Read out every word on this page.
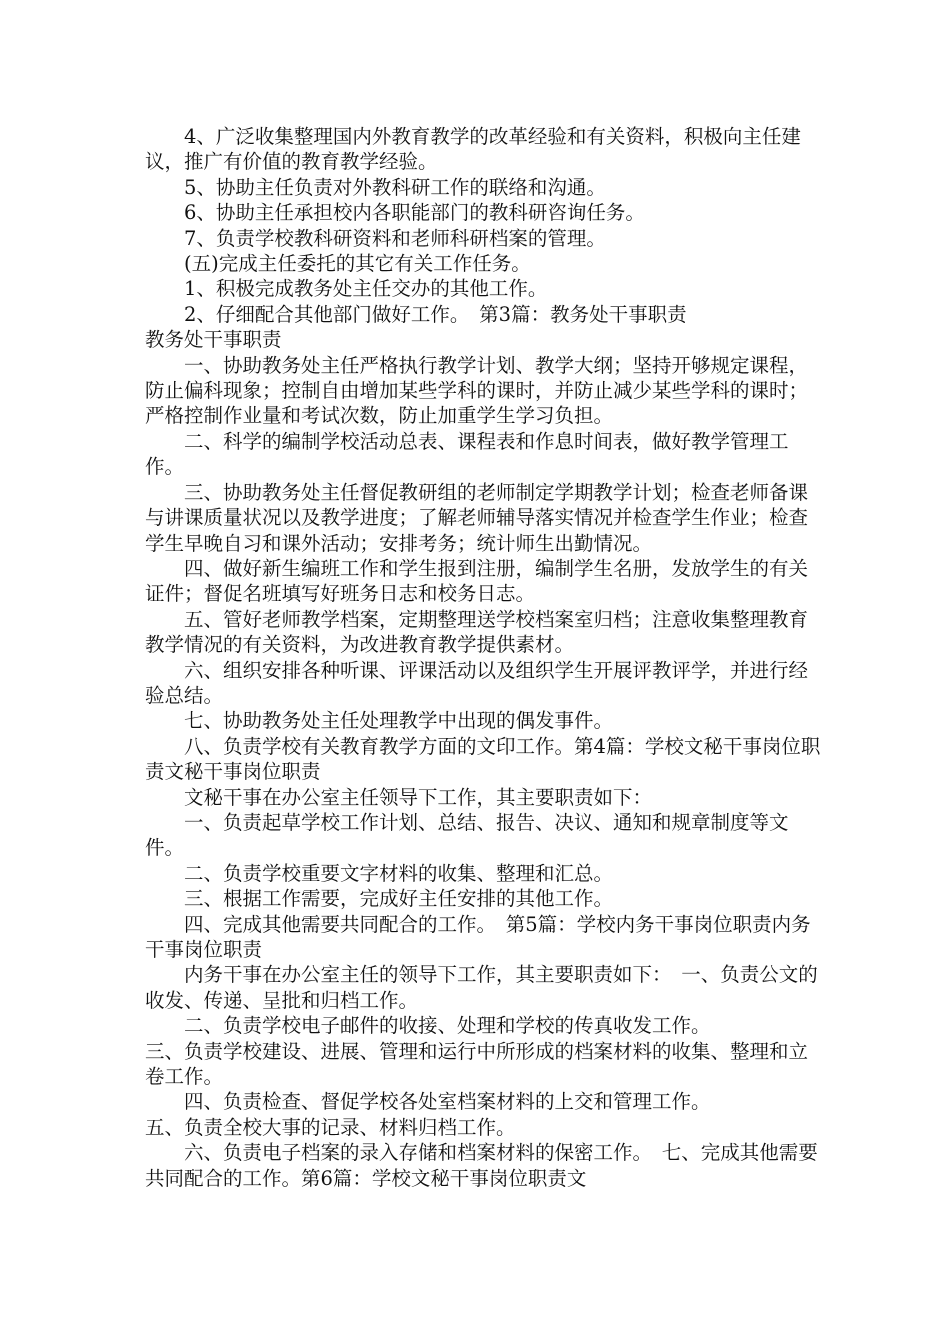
4、广泛收集整理国内外教育教学的改革经验和有关资料，积极向主任建议，推广有价值的教育教学经验。

5、协助主任负责对外教科研工作的联络和沟通。

6、协助主任承担校内各职能部门的教科研咨询任务。

7、负责学校教科研资料和老师科研档案的管理。

(五)完成主任委托的其它有关工作任务。

1、积极完成教务处主任交办的其他工作。

2、仔细配合其他部门做好工作。　第3篇：教务处干事职责

教务处干事职责

一、协助教务处主任严格执行教学计划、教学大纲；坚持开够规定课程，防止偏科现象；控制自由增加某些学科的课时，并防止减少某些学科的课时；严格控制作业量和考试次数，防止加重学生学习负担。

二、科学的编制学校活动总表、课程表和作息时间表，做好教学管理工作。

三、协助教务处主任督促教研组的老师制定学期教学计划；检查老师备课与讲课质量状况以及教学进度；了解老师辅导落实情况并检查学生作业；检查学生早晚自习和课外活动；安排考务；统计师生出勤情况。

四、做好新生编班工作和学生报到注册，编制学生名册，发放学生的有关证件；督促名班填写好班务日志和校务日志。

五、管好老师教学档案，定期整理送学校档案室归档；注意收集整理教育教学情况的有关资料，为改进教育教学提供素材。

六、组织安排各种听课、评课活动以及组织学生开展评教评学，并进行经验总结。

七、协助教务处主任处理教学中出现的偶发事件。

八、负责学校有关教育教学方面的文印工作。第4篇：学校文秘干事岗位职责文秘干事岗位职责

文秘干事在办公室主任领导下工作，其主要职责如下：

一、负责起草学校工作计划、总结、报告、决议、通知和规章制度等文件。

二、负责学校重要文字材料的收集、整理和汇总。

三、根据工作需要，完成好主任安排的其他工作。

四、完成其他需要共同配合的工作。　第5篇：学校内务干事岗位职责内务干事岗位职责

内务干事在办公室主任的领导下工作，其主要职责如下：　一、负责公文的收发、传递、呈批和归档工作。

二、负责学校电子邮件的收接、处理和学校的传真收发工作。

三、负责学校建设、进展、管理和运行中所形成的档案材料的收集、整理和立卷工作。

四、负责检查、督促学校各处室档案材料的上交和管理工作。

五、负责全校大事的记录、材料归档工作。

六、负责电子档案的录入存储和档案材料的保密工作。　七、完成其他需要共同配合的工作。第6篇：学校文秘干事岗位职责文
